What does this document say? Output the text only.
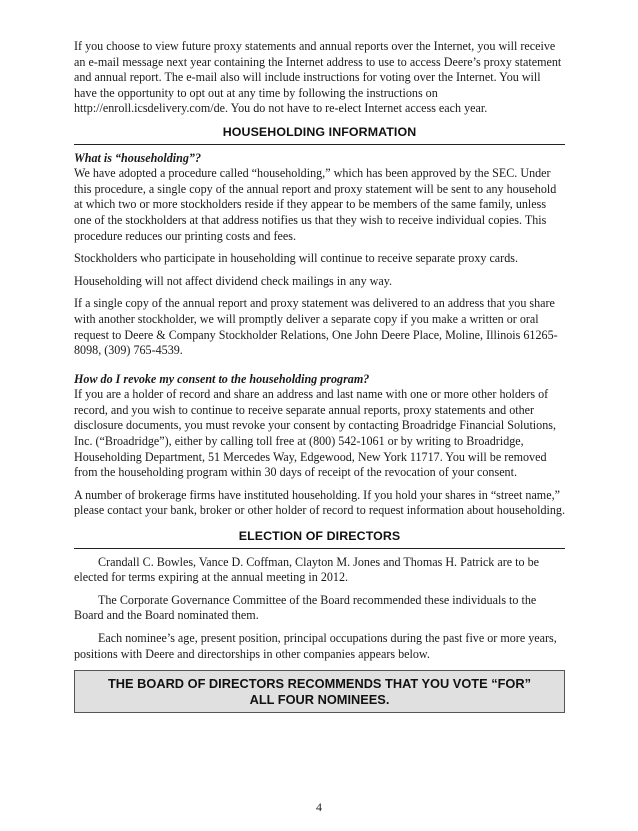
If you choose to view future proxy statements and annual reports over the Internet, you will receive an e-mail message next year containing the Internet address to use to access Deere’s proxy statement and annual report. The e-mail also will include instructions for voting over the Internet. You will have the opportunity to opt out at any time by following the instructions on http://enroll.icsdelivery.com/de. You do not have to re-elect Internet access each year.

HOUSEHOLDING INFORMATION

What is “householding”?

We have adopted a procedure called “householding,” which has been approved by the SEC. Under this procedure, a single copy of the annual report and proxy statement will be sent to any household at which two or more stockholders reside if they appear to be members of the same family, unless one of the stockholders at that address notifies us that they wish to receive individual copies. This procedure reduces our printing costs and fees.

Stockholders who participate in householding will continue to receive separate proxy cards.

Householding will not affect dividend check mailings in any way.

If a single copy of the annual report and proxy statement was delivered to an address that you share with another stockholder, we will promptly deliver a separate copy if you make a written or oral request to Deere & Company Stockholder Relations, One John Deere Place, Moline, Illinois 61265-8098, (309) 765-4539.

How do I revoke my consent to the householding program?

If you are a holder of record and share an address and last name with one or more other holders of record, and you wish to continue to receive separate annual reports, proxy statements and other disclosure documents, you must revoke your consent by contacting Broadridge Financial Solutions, Inc. (“Broadridge”), either by calling toll free at (800) 542-1061 or by writing to Broadridge, Householding Department, 51 Mercedes Way, Edgewood, New York 11717. You will be removed from the householding program within 30 days of receipt of the revocation of your consent.

A number of brokerage firms have instituted householding. If you hold your shares in “street name,” please contact your bank, broker or other holder of record to request information about householding.

ELECTION OF DIRECTORS

Crandall C. Bowles, Vance D. Coffman, Clayton M. Jones and Thomas H. Patrick are to be elected for terms expiring at the annual meeting in 2012.

The Corporate Governance Committee of the Board recommended these individuals to the Board and the Board nominated them.

Each nominee’s age, present position, principal occupations during the past five or more years, positions with Deere and directorships in other companies appears below.

THE BOARD OF DIRECTORS RECOMMENDS THAT YOU VOTE “FOR”
ALL FOUR NOMINEES.
4
